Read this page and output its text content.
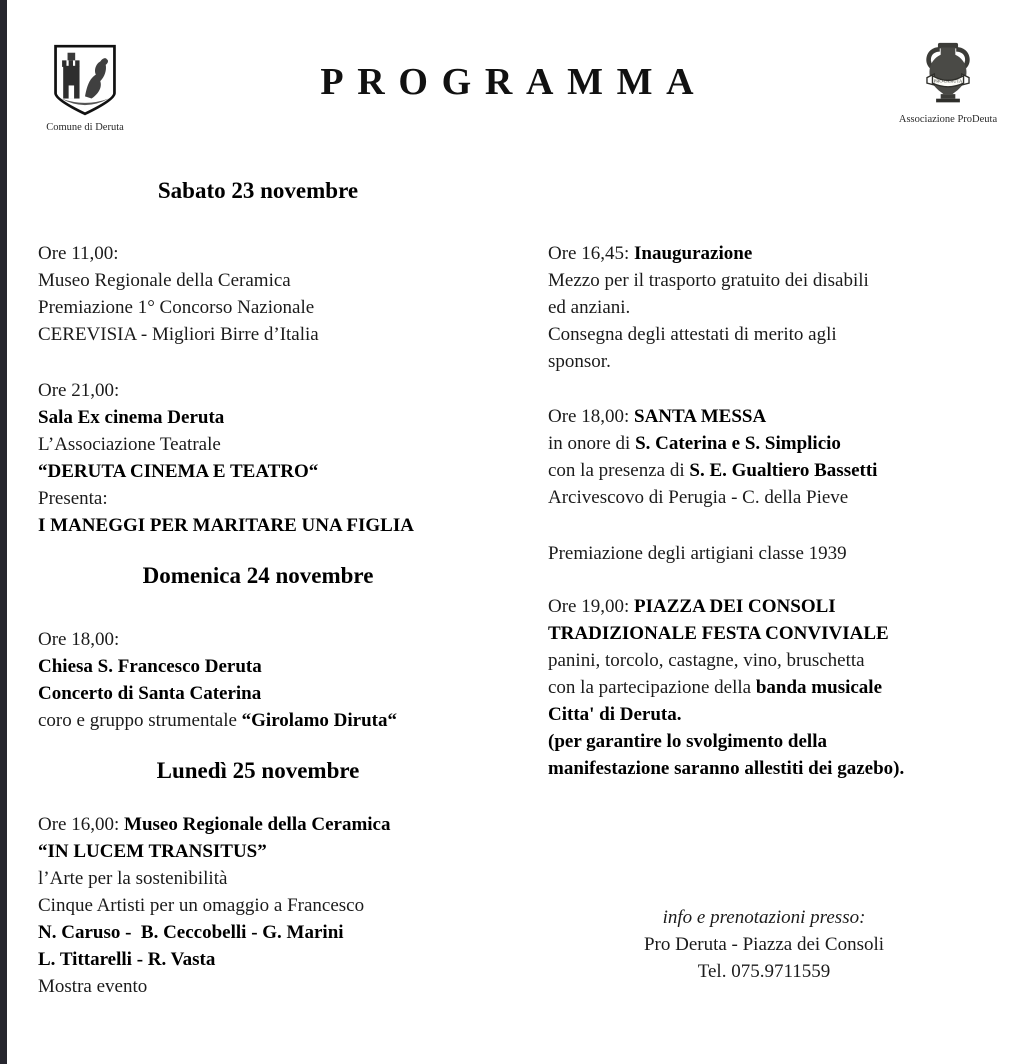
Comune di Deruta
PROGRAMMA	PRO-DERUTA
Associazione ProDeuta
Sabato 23 novembre
Ore 11,00:
Museo Regionale della Ceramica
Premiazione 1° Concorso Nazionale
CEREVISIA - Migliori Birre d’Italia
Ore 21,00:
Sala Ex cinema Deruta
L’Associazione Teatrale
“DERUTA CINEMA E TEATRO“
Presenta:
I MANEGGI PER MARITARE UNA FIGLIA
Domenica 24 novembre
Ore 18,00:
Chiesa S. Francesco Deruta
Concerto di Santa Caterina
coro e gruppo strumentale “Girolamo Diruta“
Lunedì 25 novembre
Ore 16,00: Museo Regionale della Ceramica
“IN LUCEM TRANSITUS”
l’Arte per la sostenibilità
Cinque Artisti per un omaggio a Francesco
N. Caruso -  B. Ceccobelli - G. Marini
L. Tittarelli - R. Vasta
Mostra evento
Ore 16,45: Inaugurazione
Mezzo per il trasporto gratuito dei disabili
ed anziani.
Consegna degli attestati di merito agli
sponsor.
Ore 18,00: SANTA MESSA
in onore di S. Caterina e S. Simplicio
con la presenza di S. E. Gualtiero Bassetti
Arcivescovo di Perugia - C. della Pieve
Premiazione degli artigiani classe 1939
Ore 19,00: PIAZZA DEI CONSOLI
TRADIZIONALE FESTA CONVIVIALE
panini, torcolo, castagne, vino, bruschetta
con la partecipazione della banda musicale
Citta' di Deruta.
(per garantire lo svolgimento della
manifestazione saranno allestiti dei gazebo).
info e prenotazioni presso:
Pro Deruta - Piazza dei Consoli
Tel. 075.9711559
